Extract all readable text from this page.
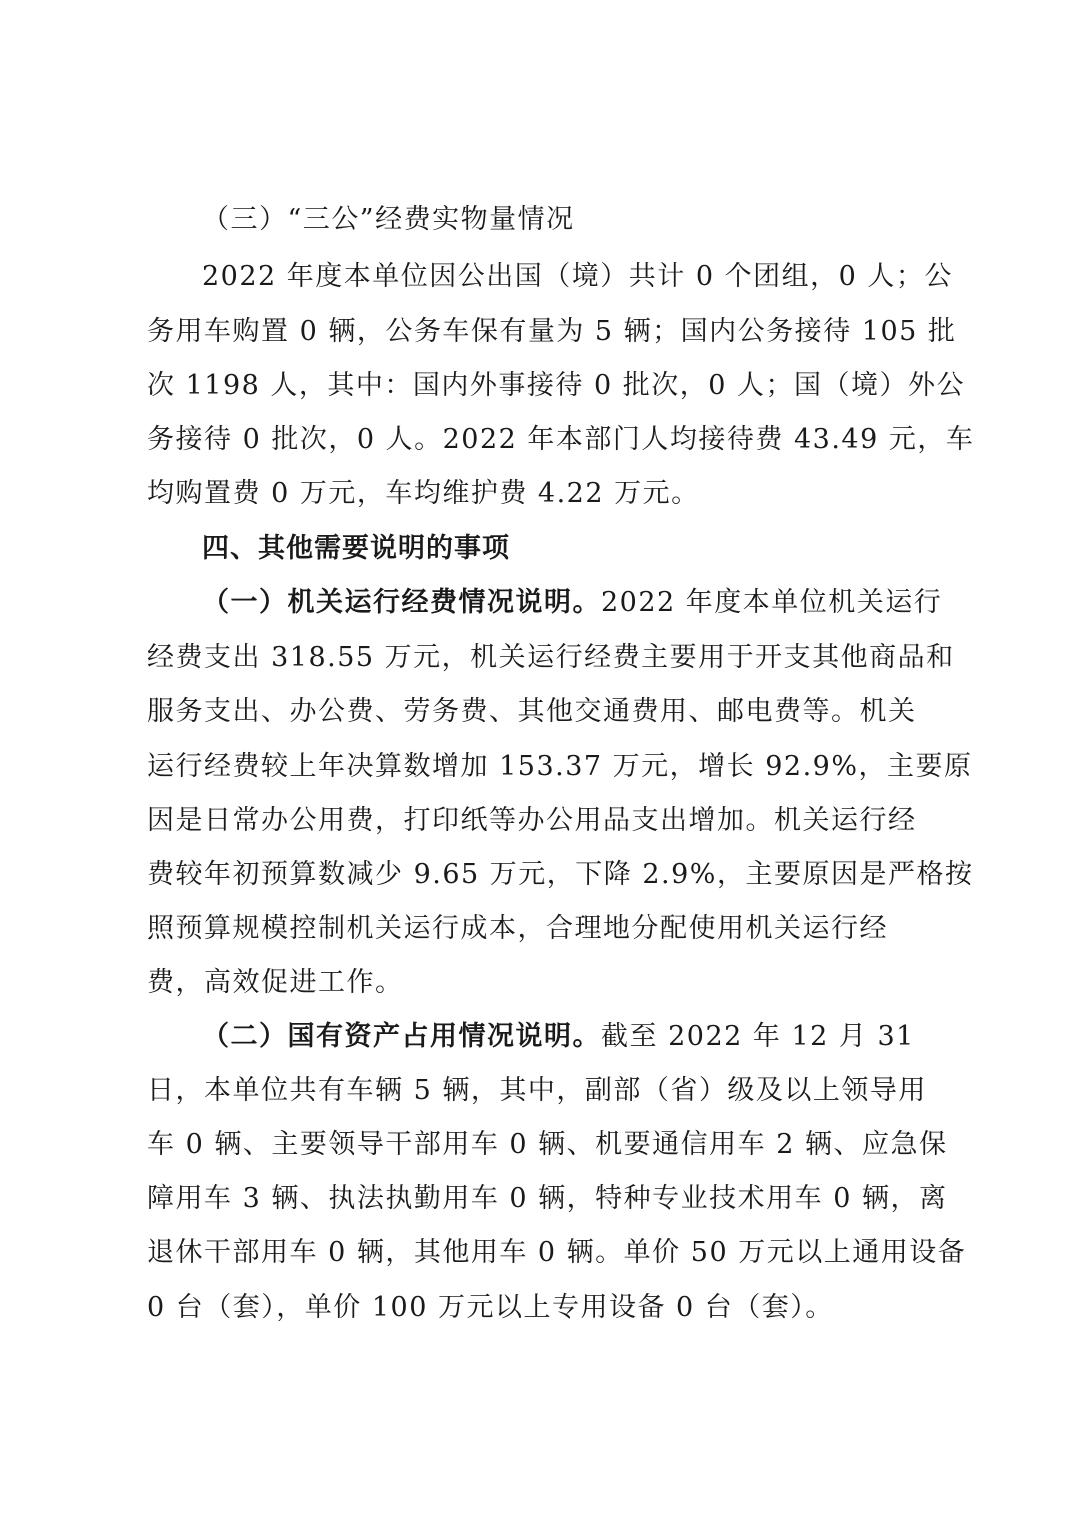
（三）“三公”经费实物量情况
2022 年度本单位因公出国（境）共计 0 个团组，0 人；公
务用车购置 0 辆，公务车保有量为 5 辆；国内公务接待 105 批
次 1198 人，其中：国内外事接待 0 批次，0 人；国（境）外公
务接待 0 批次，0 人。2022 年本部门人均接待费 43.49 元，车
均购置费 0 万元，车均维护费 4.22 万元。
四、其他需要说明的事项
（一）机关运行经费情况说明。2022 年度本单位机关运行
经费支出 318.55 万元，机关运行经费主要用于开支其他商品和
服务支出、办公费、劳务费、其他交通费用、邮电费等。机关
运行经费较上年决算数增加 153.37 万元，增长 92.9%，主要原
因是日常办公用费，打印纸等办公用品支出增加。机关运行经
费较年初预算数减少 9.65 万元，下降 2.9%，主要原因是严格按
照预算规模控制机关运行成本，合理地分配使用机关运行经
费，高效促进工作。
（二）国有资产占用情况说明。截至 2022 年 12 月 31
日，本单位共有车辆 5 辆，其中，副部（省）级及以上领导用
车 0 辆、主要领导干部用车 0 辆、机要通信用车 2 辆、应急保
障用车 3 辆、执法执勤用车 0 辆，特种专业技术用车 0 辆，离
退休干部用车 0 辆，其他用车 0 辆。单价 50 万元以上通用设备
0 台（套），单价 100 万元以上专用设备 0 台（套）。
